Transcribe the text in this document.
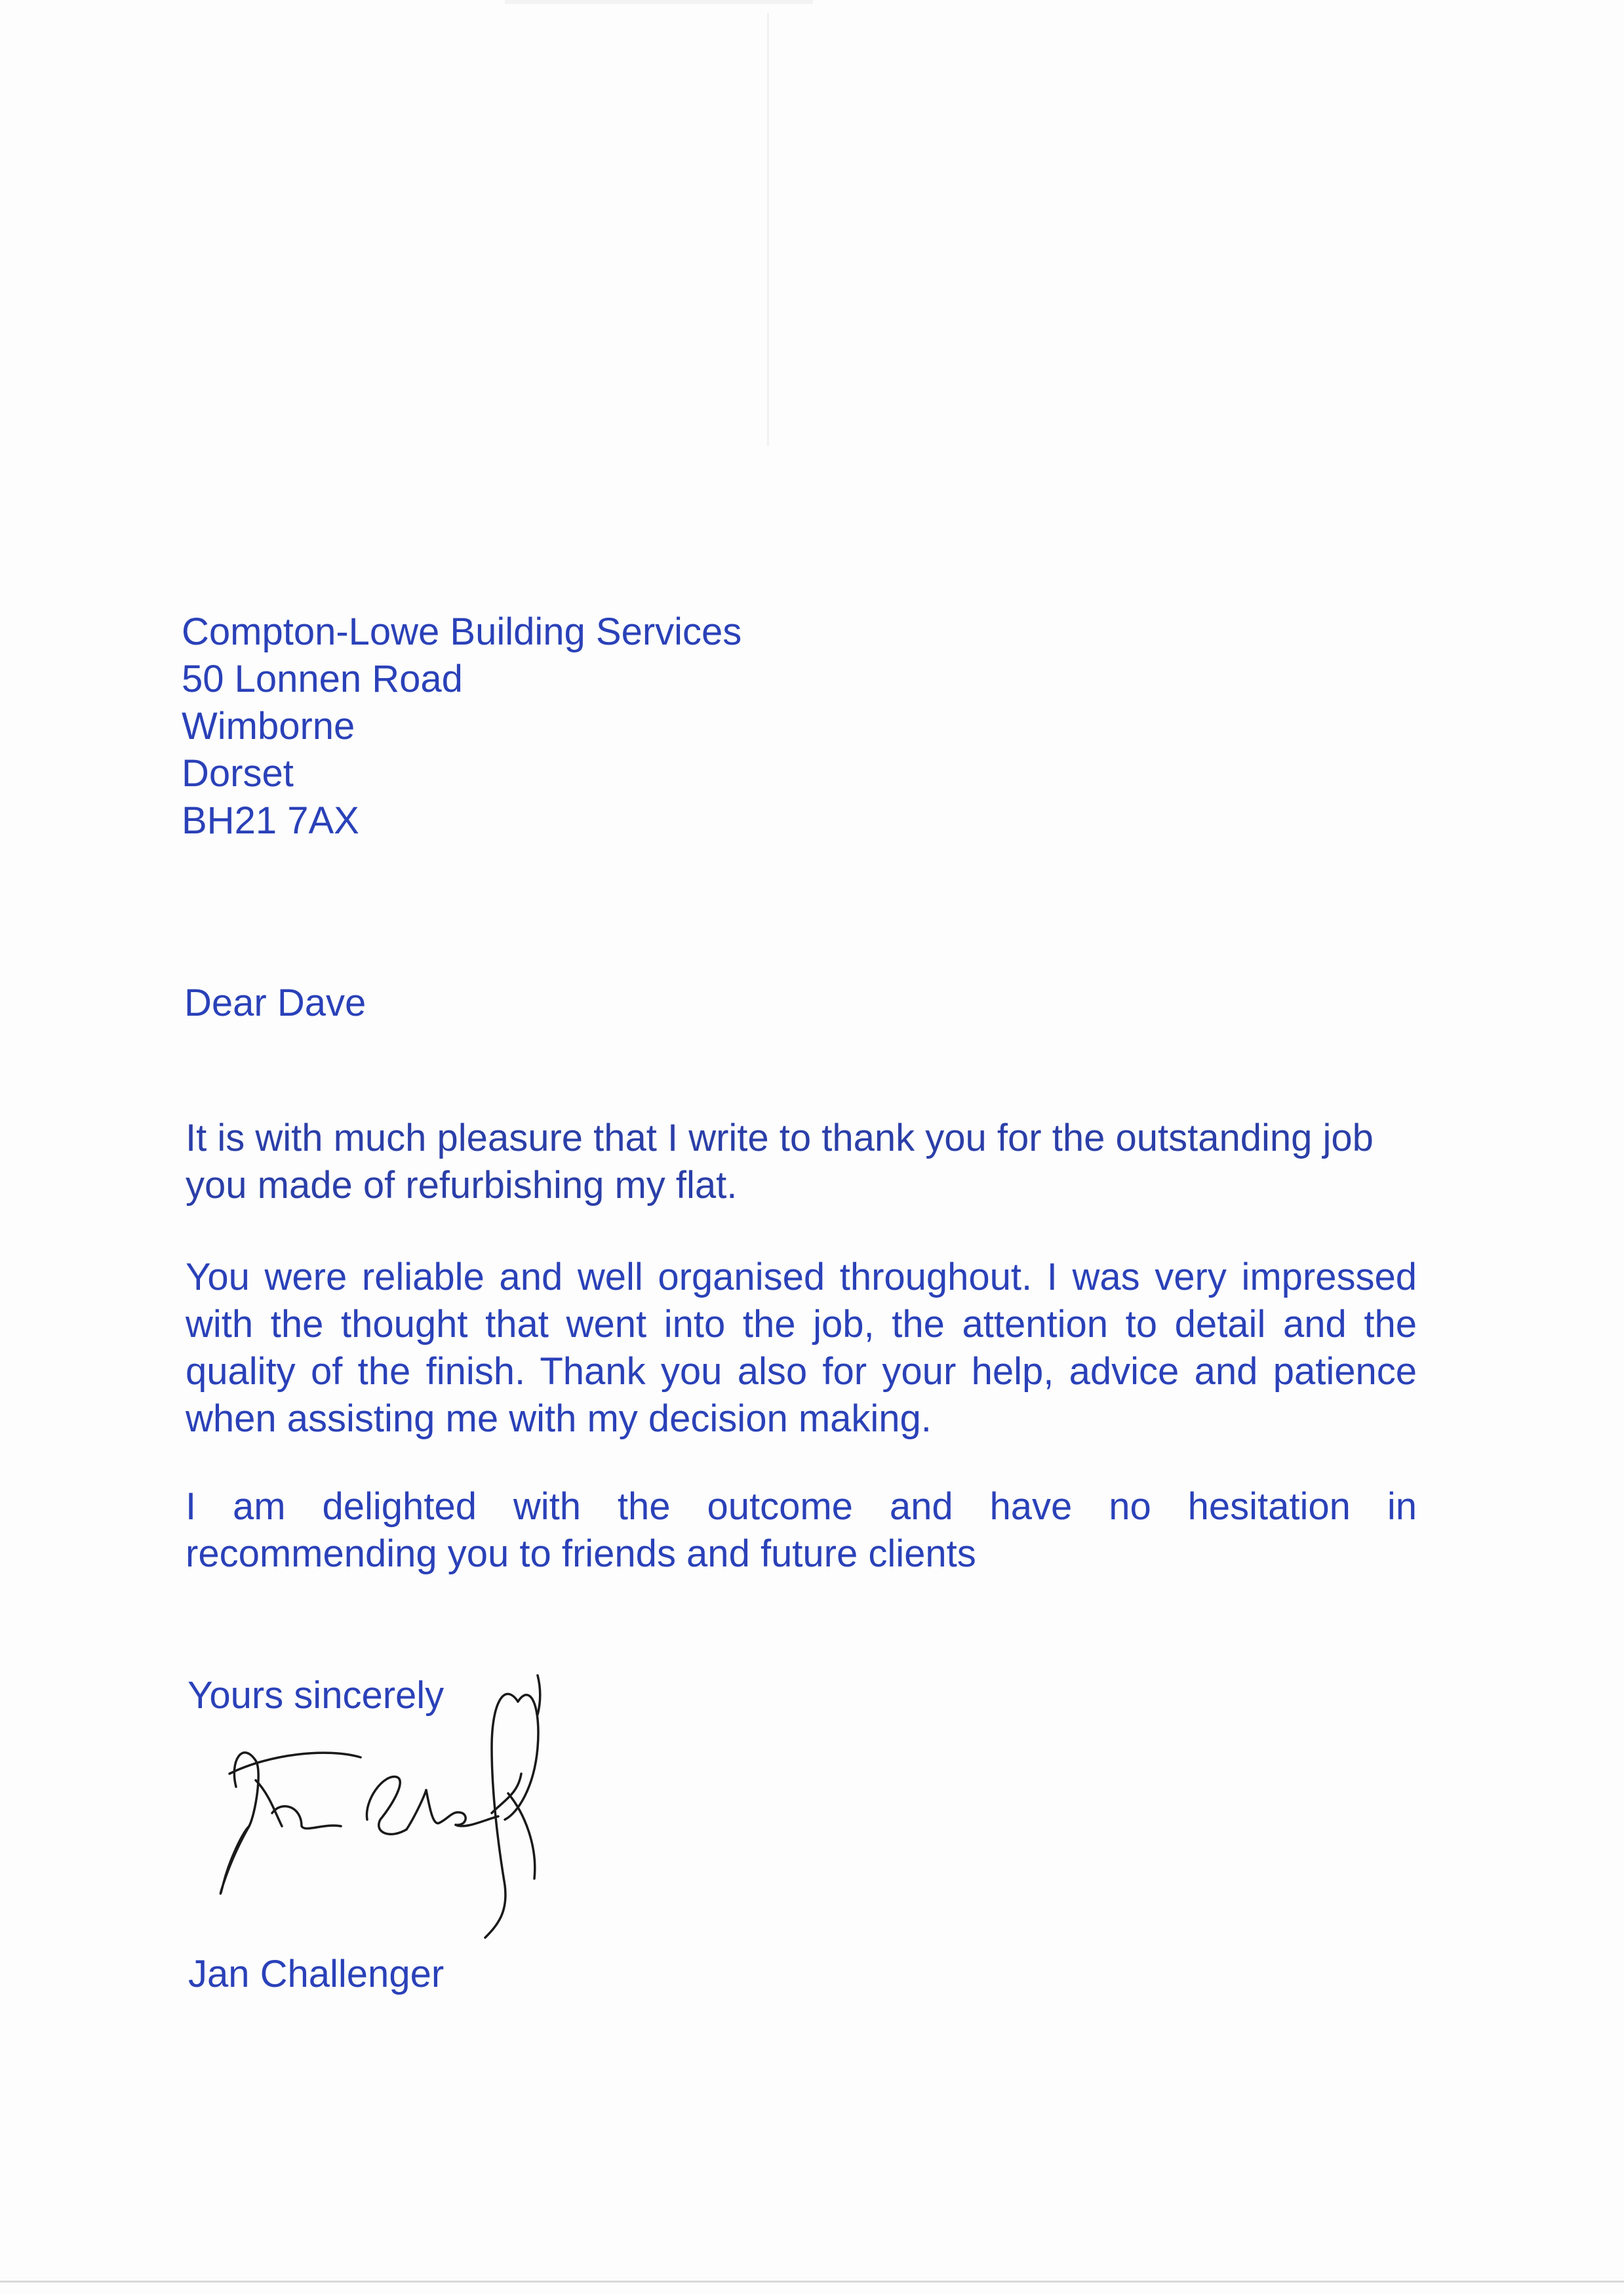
Compton-Lowe Building Services
50 Lonnen Road
Wimborne
Dorset
BH21 7AX
Dear Dave
It is with much pleasure that I write to thank you for the outstanding job
you made of refurbishing my flat.
You were reliable and well organised throughout. I was very impressed
with the thought that went into the job, the attention to detail and the
quality of the finish. Thank you also for your help, advice and patience
when assisting me with my decision making.
I am delighted with the outcome and have no hesitation in
recommending you to friends and future clients
Yours sincerely
Jan Challenger
